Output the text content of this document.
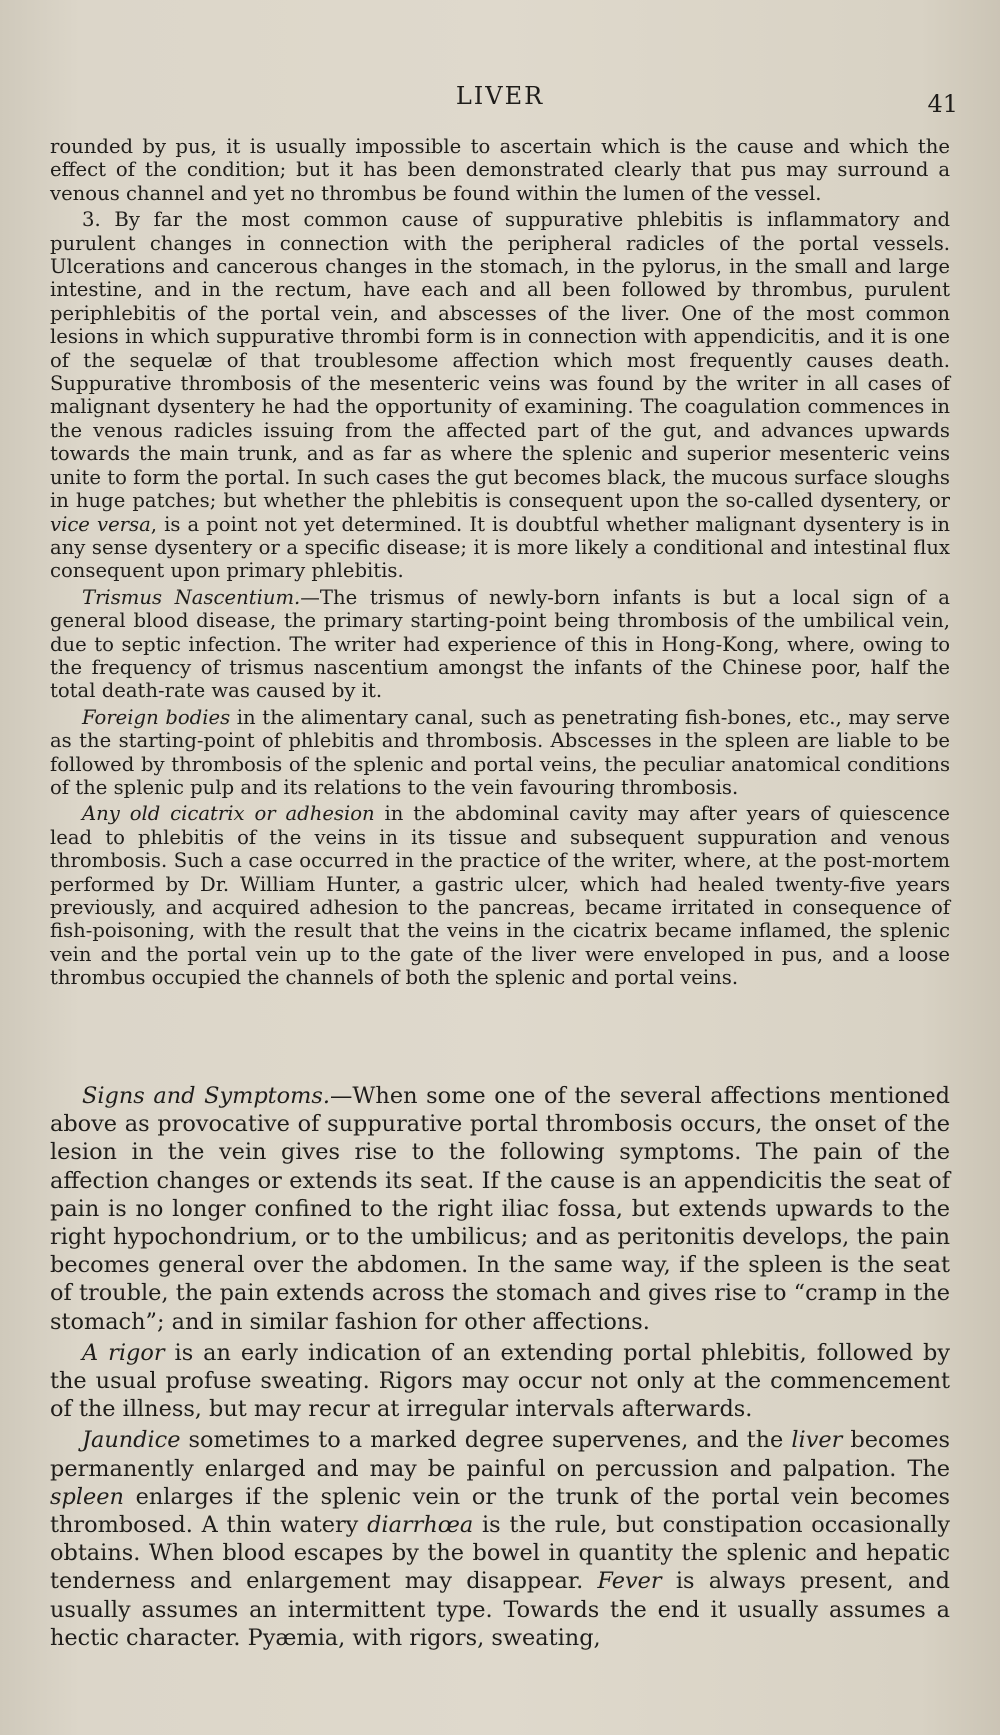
LIVER	41

rounded by pus, it is usually impossible to ascertain which is the cause and which the effect of the condition; but it has been demonstrated clearly that pus may surround a venous channel and yet no thrombus be found within the lumen of the vessel.

3. By far the most common cause of suppurative phlebitis is inflammatory and purulent changes in connection with the peripheral radicles of the portal vessels. Ulcerations and cancerous changes in the stomach, in the pylorus, in the small and large intestine, and in the rectum, have each and all been followed by thrombus, purulent periphlebitis of the portal vein, and abscesses of the liver. One of the most common lesions in which suppurative thrombi form is in connection with appendicitis, and it is one of the sequelæ of that troublesome affection which most frequently causes death. Suppurative thrombosis of the mesenteric veins was found by the writer in all cases of malignant dysentery he had the opportunity of examining. The coagulation commences in the venous radicles issuing from the affected part of the gut, and advances upwards towards the main trunk, and as far as where the splenic and superior mesenteric veins unite to form the portal. In such cases the gut becomes black, the mucous surface sloughs in huge patches; but whether the phlebitis is consequent upon the so-called dysentery, or vice versa, is a point not yet determined. It is doubtful whether malignant dysentery is in any sense dysentery or a specific disease; it is more likely a conditional and intestinal flux consequent upon primary phlebitis.

Trismus Nascentium.—The trismus of newly-born infants is but a local sign of a general blood disease, the primary starting-point being thrombosis of the umbilical vein, due to septic infection. The writer had experience of this in Hong-Kong, where, owing to the frequency of trismus nascentium amongst the infants of the Chinese poor, half the total death-rate was caused by it.

Foreign bodies in the alimentary canal, such as penetrating fish-bones, etc., may serve as the starting-point of phlebitis and thrombosis. Abscesses in the spleen are liable to be followed by thrombosis of the splenic and portal veins, the peculiar anatomical conditions of the splenic pulp and its relations to the vein favouring thrombosis.

Any old cicatrix or adhesion in the abdominal cavity may after years of quiescence lead to phlebitis of the veins in its tissue and subsequent suppuration and venous thrombosis. Such a case occurred in the practice of the writer, where, at the post-mortem performed by Dr. William Hunter, a gastric ulcer, which had healed twenty-five years previously, and acquired adhesion to the pancreas, became irritated in consequence of fish-poisoning, with the result that the veins in the cicatrix became inflamed, the splenic vein and the portal vein up to the gate of the liver were enveloped in pus, and a loose thrombus occupied the channels of both the splenic and portal veins.

Signs and Symptoms.—When some one of the several affections mentioned above as provocative of suppurative portal thrombosis occurs, the onset of the lesion in the vein gives rise to the following symptoms. The pain of the affection changes or extends its seat. If the cause is an appendicitis the seat of pain is no longer confined to the right iliac fossa, but extends upwards to the right hypochondrium, or to the umbilicus; and as peritonitis develops, the pain becomes general over the abdomen. In the same way, if the spleen is the seat of trouble, the pain extends across the stomach and gives rise to “cramp in the stomach”; and in similar fashion for other affections.

A rigor is an early indication of an extending portal phlebitis, followed by the usual profuse sweating. Rigors may occur not only at the commencement of the illness, but may recur at irregular intervals afterwards.

Jaundice sometimes to a marked degree supervenes, and the liver becomes permanently enlarged and may be painful on percussion and palpation. The spleen enlarges if the splenic vein or the trunk of the portal vein becomes thrombosed. A thin watery diarrhœa is the rule, but constipation occasionally obtains. When blood escapes by the bowel in quantity the splenic and hepatic tenderness and enlargement may disappear. Fever is always present, and usually assumes an intermittent type. Towards the end it usually assumes a hectic character. Pyæmia, with rigors, sweating,
